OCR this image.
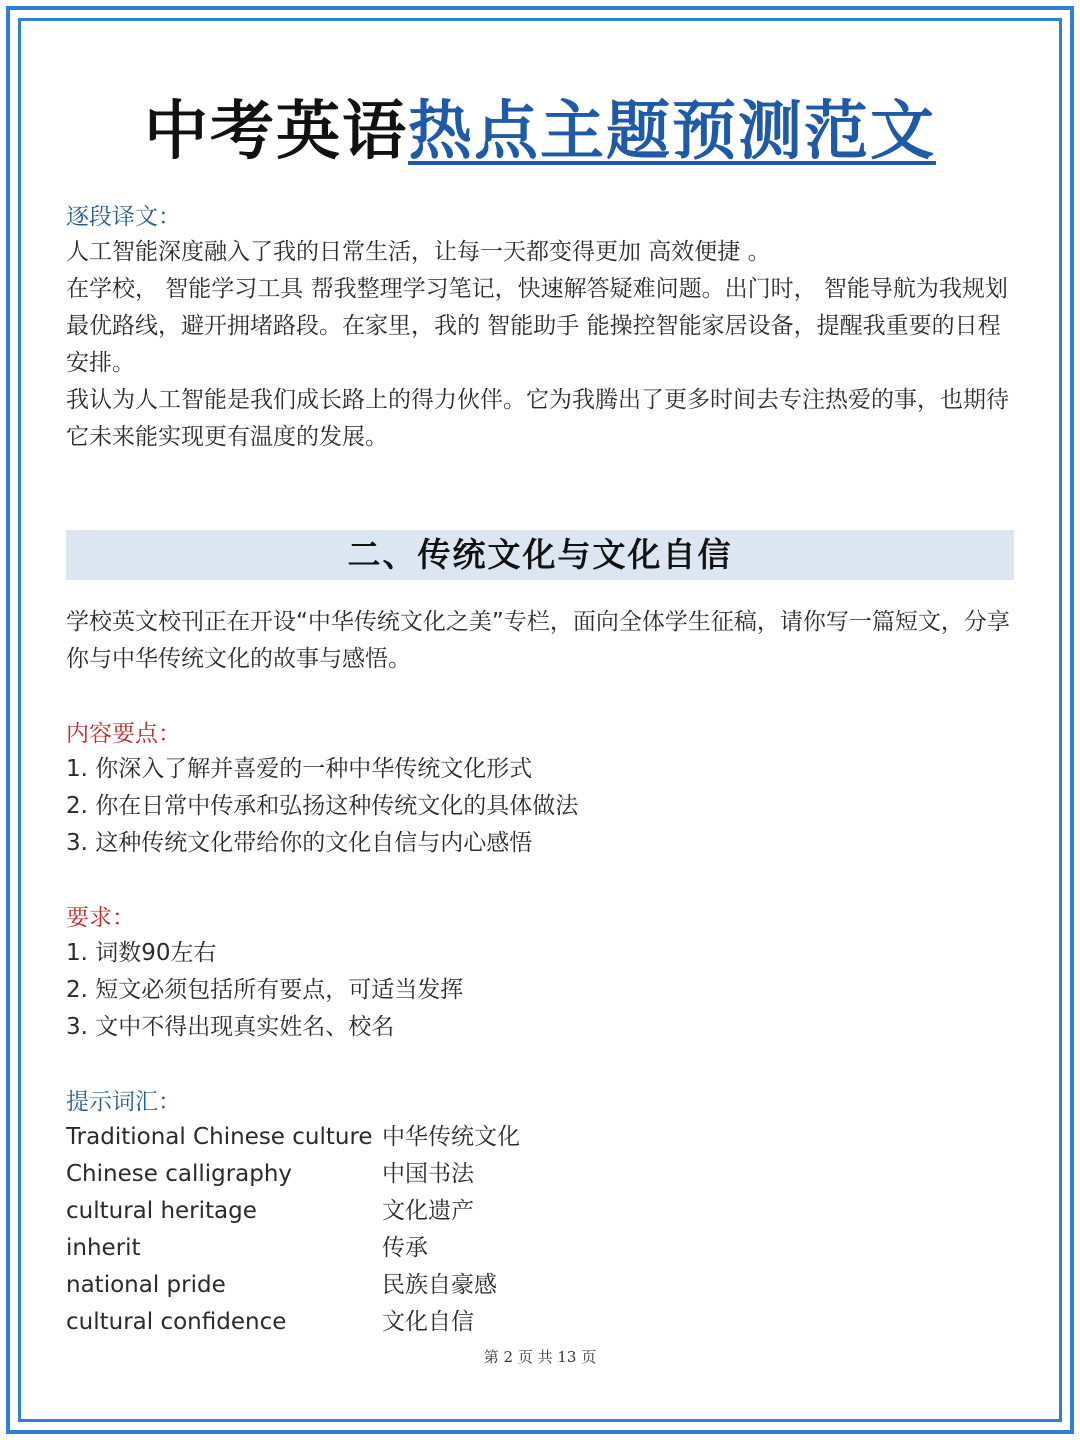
中考英语热点主题预测范文
逐段译文：

人工智能深度融入了我的日常生活，让每一天都变得更加 高效便捷 。

在学校， 智能学习工具 帮我整理学习笔记，快速解答疑难问题。出门时， 智能导航为我规划最优路线，避开拥堵路段。在家里，我的 智能助手 能操控智能家居设备，提醒我重要的日程安排。

我认为人工智能是我们成长路上的得力伙伴。它为我腾出了更多时间去专注热爱的事，也期待它未来能实现更有温度的发展。

二、传统文化与文化自信
学校英文校刊正在开设“中华传统文化之美”专栏，面向全体学生征稿，请你写一篇短文，分享你与中华传统文化的故事与感悟。
内容要点：
1. 你深入了解并喜爱的一种中华传统文化形式
2. 你在日常中传承和弘扬这种传统文化的具体做法
3. 这种传统文化带给你的文化自信与内心感悟
要求：
1. 词数90左右
2. 短文必须包括所有要点，可适当发挥
3. 文中不得出现真实姓名、校名
提示词汇：
Traditional Chinese culture 中华传统文化
Chinese calligraphy	中国书法
cultural heritage	文化遗产
inherit	传承
national pride	民族自豪感
cultural confidence	文化自信
第 2 页 共 13 页
